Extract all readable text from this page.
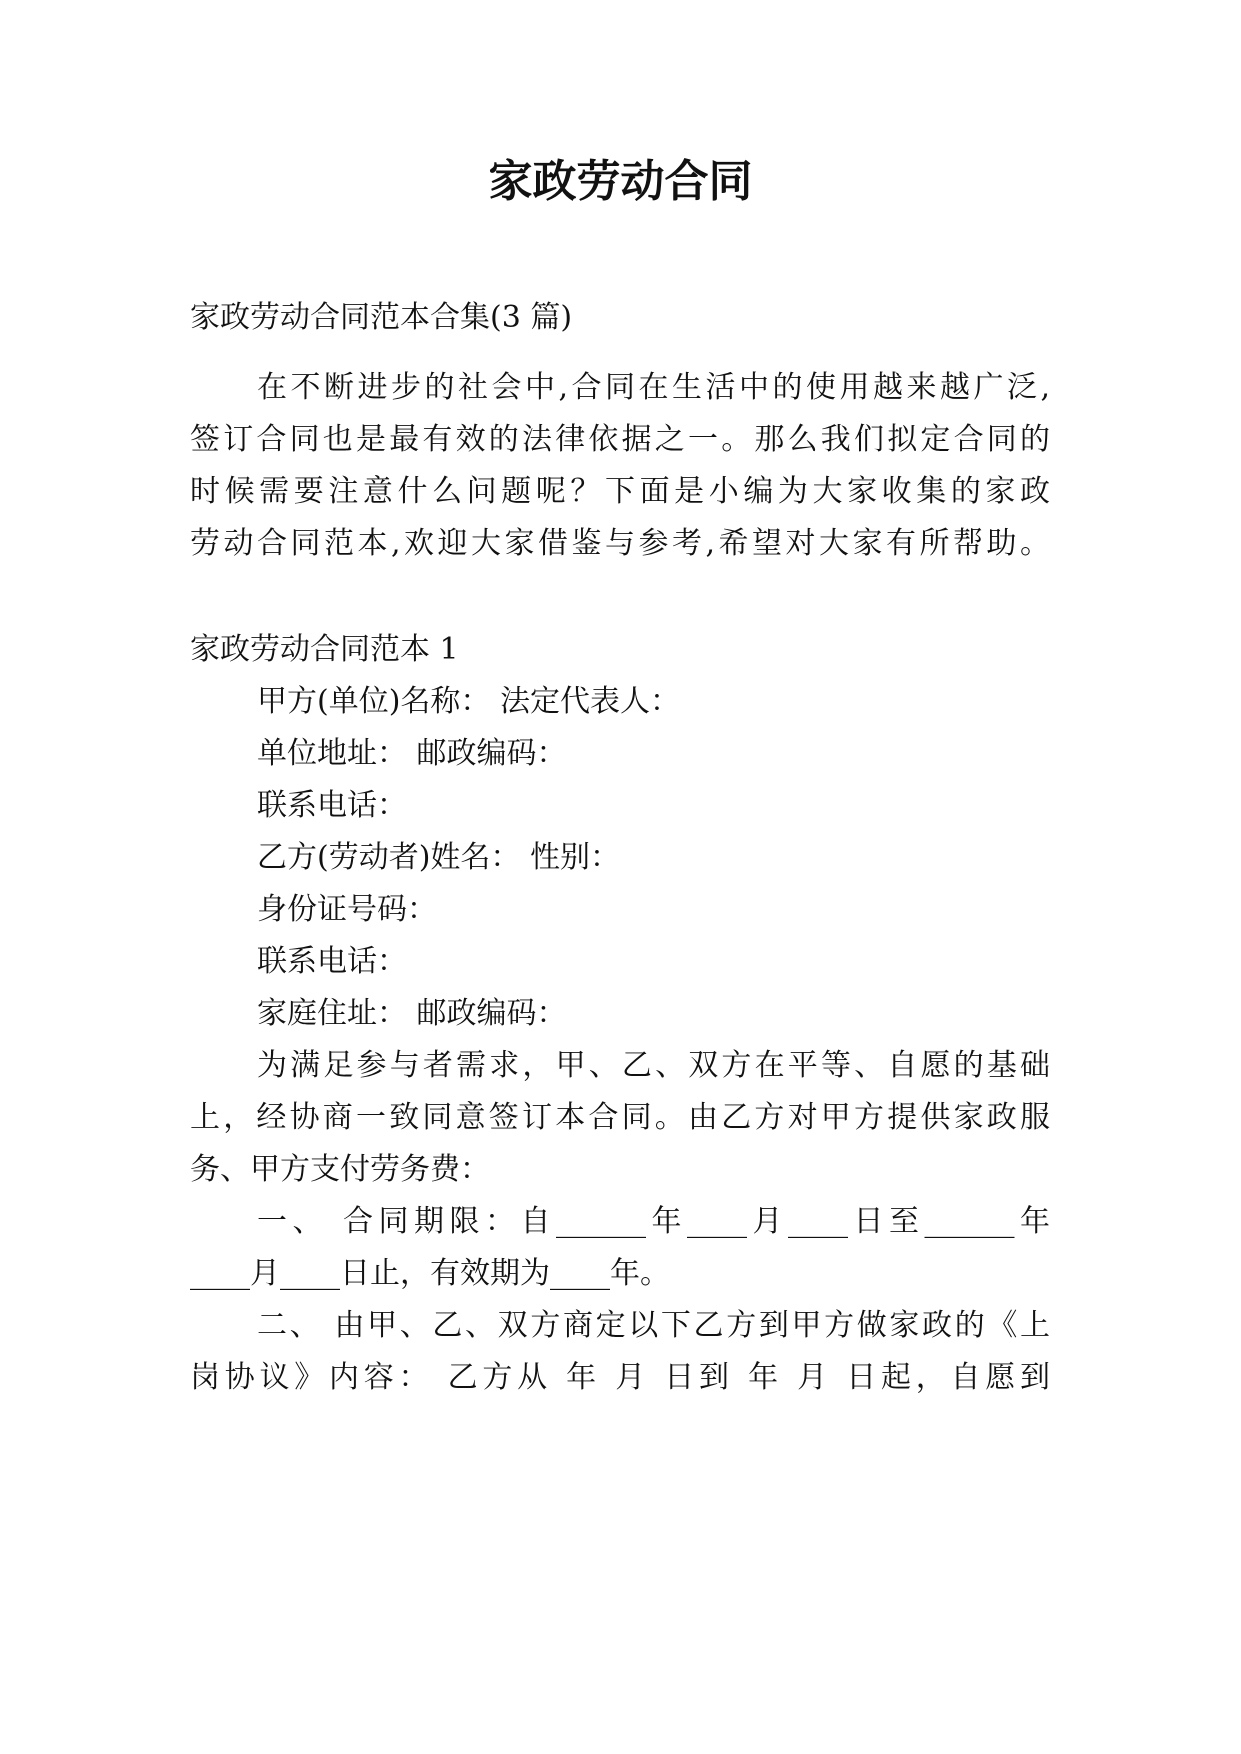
家政劳动合同
家政劳动合同范本合集(3 篇)
在不断进步的社会中,合同在生活中的使用越来越广泛,
签订合同也是最有效的法律依据之一。那么我们拟定合同的
时候需要注意什么问题呢？下面是小编为大家收集的家政
劳动合同范本,欢迎大家借鉴与参考,希望对大家有所帮助。
家政劳动合同范本 1
甲方(单位)名称： 法定代表人：
单位地址： 邮政编码：
联系电话：
乙方(劳动者)姓名： 性别：
身份证号码：
联系电话：
家庭住址： 邮政编码：
为满足参与者需求，甲、乙、双方在平等、自愿的基础
上，经协商一致同意签订本合同。由乙方对甲方提供家政服
务、甲方支付劳务费：
一、 合同期限：自______年____月____日至______年
____月____日止，有效期为____年。
二、 由甲、乙、双方商定以下乙方到甲方做家政的《上
岗协议》内容： 乙方从 年 月 日到 年 月 日起，自愿到
